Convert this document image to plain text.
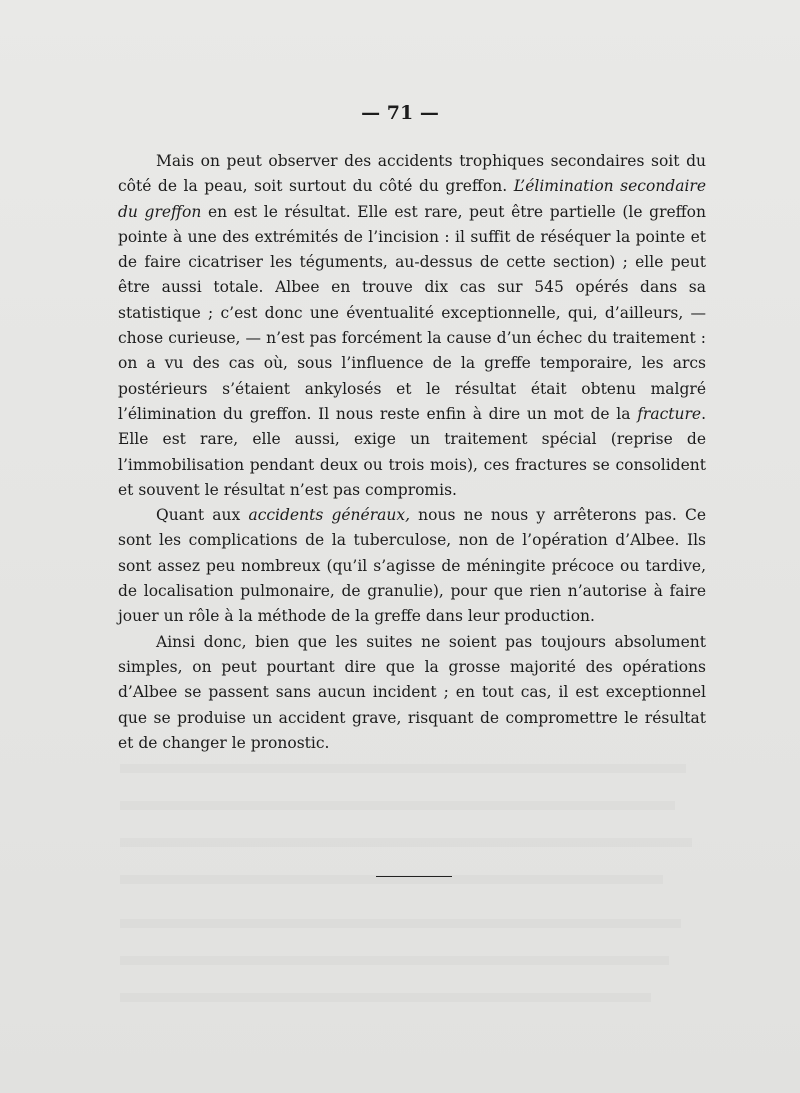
— 71 —

Mais on peut observer des accidents trophiques secondaires soit du côté de la peau, soit surtout du côté du greffon. L’élimination secondaire du greffon en est le résultat. Elle est rare, peut être partielle (le greffon pointe à une des extrémités de l’incision : il suffit de réséquer la pointe et de faire cicatriser les téguments, au-dessus de cette section) ; elle peut être aussi totale. Albee en trouve dix cas sur 545 opérés dans sa statistique ; c’est donc une éventualité exceptionnelle, qui, d’ailleurs, — chose curieuse, — n’est pas forcément la cause d’un échec du traitement : on a vu des cas où, sous l’influence de la greffe temporaire, les arcs postérieurs s’étaient ankylosés et le résultat était obtenu malgré l’élimination du greffon. Il nous reste enfin à dire un mot de la fracture. Elle est rare, elle aussi, exige un traitement spécial (reprise de l’immobilisation pendant deux ou trois mois), ces fractures se consolident et souvent le résultat n’est pas compromis.

Quant aux accidents généraux, nous ne nous y arrêterons pas. Ce sont les complications de la tuberculose, non de l’opération d’Albee. Ils sont assez peu nombreux (qu’il s’agisse de méningite précoce ou tardive, de localisation pulmonaire, de granulie), pour que rien n’autorise à faire jouer un rôle à la méthode de la greffe dans leur production.

Ainsi donc, bien que les suites ne soient pas toujours absolument simples, on peut pourtant dire que la grosse majorité des opérations d’Albee se passent sans aucun incident ; en tout cas, il est exceptionnel que se produise un accident grave, risquant de compromettre le résultat et de changer le pronostic.
